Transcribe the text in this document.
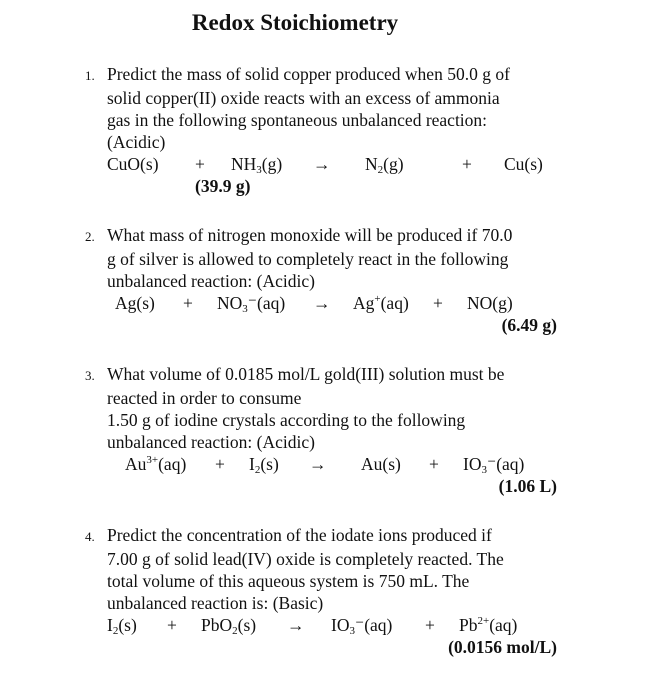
Redox Stoichiometry
1. Predict the mass of solid copper produced when 50.0 g of
solid copper(II) oxide reacts with an excess of ammonia
gas in the following spontaneous unbalanced reaction:
(Acidic)
$CuO(s) + NH_3(g) \to N_2(g)$	+ Cu(s)
(39.9 g)
2. What mass of nitrogen monoxide will be produced if 70.0
g of silver is allowed to completely react in the following
unbalanced reaction: (Acidic)
$Ag(s) + NO_3^-(aq) \to Ag^+(aq) + NO(g)$
(6.49 g)
3. What volume of 0.0185 mol/L gold(III) solution must be
reacted in order to consume
1.50 g of iodine crystals according to the following
unbalanced reaction: (Acidic)
$Au^{3+}(aq) + I_2(s) \to Au(s) + IO_3^-(aq)$
(1.06 L)
4. Predict the concentration of the iodate ions produced if
7.00 g of solid lead(IV) oxide is completely reacted. The
total volume of this aqueous system is 750 mL. The
unbalanced reaction is: (Basic)
$I_2(s) + PbO_2(s) \to IO_3^-(aq) + Pb^{2+}(aq)$
(0.0156 mol/L)
